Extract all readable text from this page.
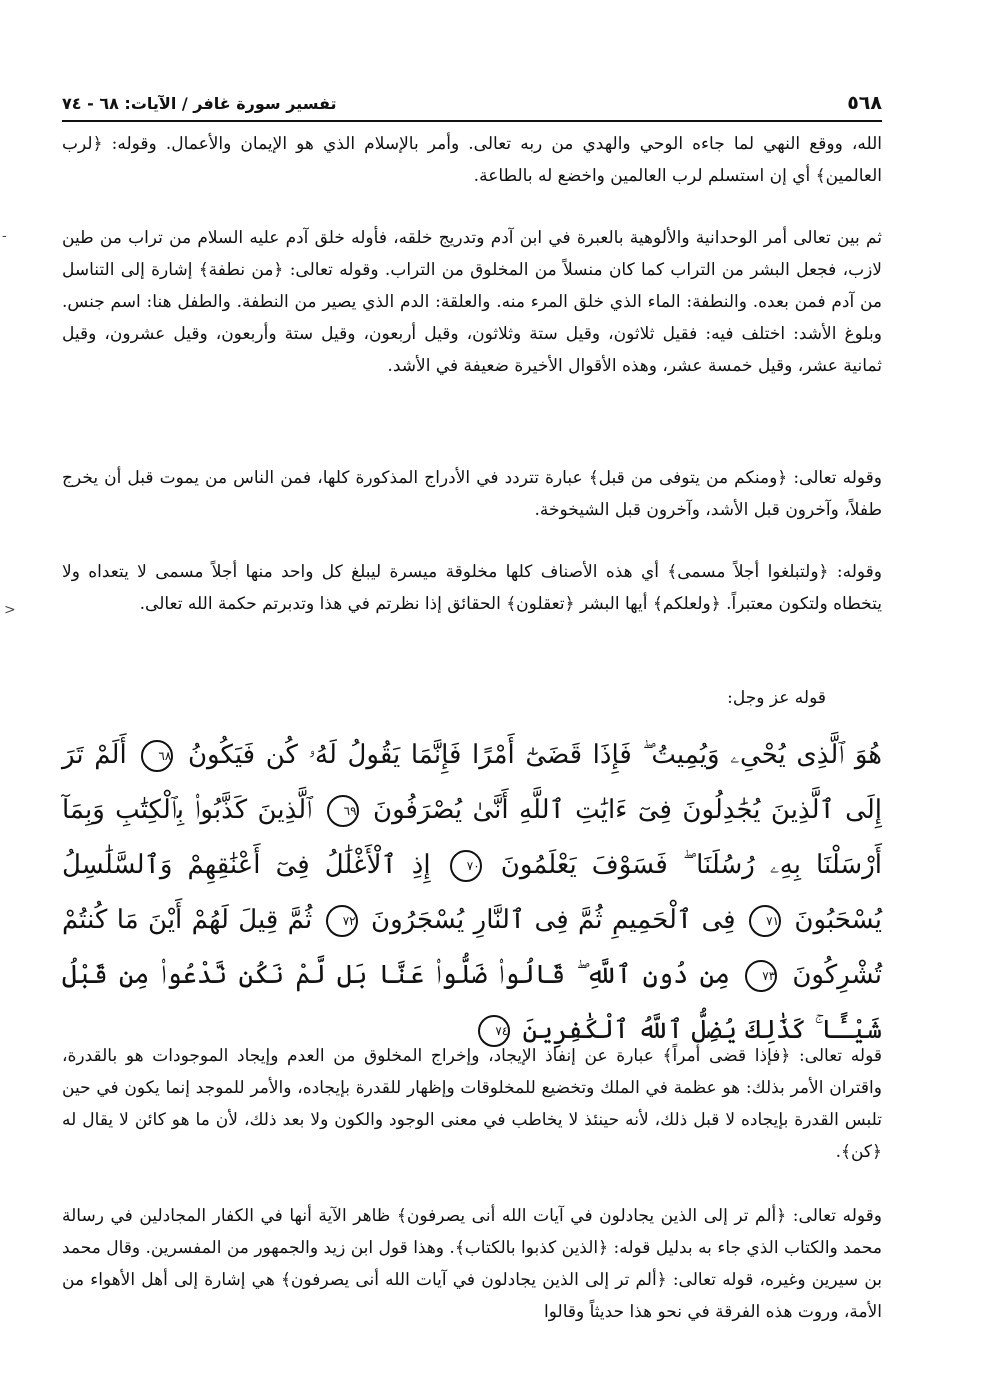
٥٦٨
تفسير سورة غافر / الآيات: ٦٨ - ٧٤

الله، ووقع النهي لما جاءه الوحي والهدي من ربه تعالى. وأمر بالإسلام الذي هو الإيمان والأعمال. وقوله: ﴿لرب العالمين﴾ أي إن استسلم لرب العالمين واخضع له بالطاعة.

ثم بين تعالى أمر الوحدانية والألوهية بالعبرة في ابن آدم وتدريج خلقه، فأوله خلق آدم عليه السلام من تراب من طين لازب، فجعل البشر من التراب كما كان منسلاً من المخلوق من التراب. وقوله تعالى: ﴿من نطفة﴾ إشارة إلى التناسل من آدم فمن بعده. والنطفة: الماء الذي خلق المرء منه. والعلقة: الدم الذي يصير من النطفة. والطفل هنا: اسم جنس. وبلوغ الأشد: اختلف فيه: فقيل ثلاثون، وقيل ستة وثلاثون، وقيل أربعون، وقيل ستة وأربعون، وقيل عشرون، وقيل ثمانية عشر، وقيل خمسة عشر، وهذه الأقوال الأخيرة ضعيفة في الأشد.

وقوله تعالى: ﴿ومنكم من يتوفى من قبل﴾ عبارة تتردد في الأدراج المذكورة كلها، فمن الناس من يموت قبل أن يخرج طفلاً، وآخرون قبل الأشد، وآخرون قبل الشيخوخة.

وقوله: ﴿ولتبلغوا أجلاً مسمى﴾ أي هذه الأصناف كلها مخلوقة ميسرة ليبلغ كل واحد منها أجلاً مسمى لا يتعداه ولا يتخطاه ولتكون معتبراً. ﴿ولعلكم﴾ أيها البشر ﴿تعقلون﴾ الحقائق إذا نظرتم في هذا وتدبرتم حكمة الله تعالى.

قوله عز وجل:

هُوَ ٱلَّذِى يُحْىِۦ وَيُمِيتُ ۖ فَإِذَا قَضَىٰٓ أَمْرًا فَإِنَّمَا يَقُولُ لَهُۥ كُن فَيَكُونُ ٦٨ أَلَمْ تَرَ إِلَى ٱلَّذِينَ يُجَٰدِلُونَ فِىٓ ءَايَٰتِ ٱللَّهِ أَنَّىٰ يُصْرَفُونَ ٦٩ ٱلَّذِينَ كَذَّبُوا۟ بِٱلْكِتَٰبِ وَبِمَآ أَرْسَلْنَا بِهِۦ رُسُلَنَا ۖ فَسَوْفَ يَعْلَمُونَ ٧٠ إِذِ ٱلْأَغْلَٰلُ فِىٓ أَعْنَٰقِهِمْ وَٱلسَّلَٰسِلُ يُسْحَبُونَ ٧١ فِى ٱلْحَمِيمِ ثُمَّ فِى ٱلنَّارِ يُسْجَرُونَ ٧٢ ثُمَّ قِيلَ لَهُمْ أَيْنَ مَا كُنتُمْ تُشْرِكُونَ ٧٣ مِن دُونِ ٱللَّهِ ۖ قَالُوا۟ ضَلُّوا۟ عَنَّا بَل لَّمْ نَكُن نَّدْعُوا۟ مِن قَبْلُ شَيْـًٔا ۚ كَذَٰلِكَ يُضِلُّ ٱللَّهُ ٱلْكَٰفِرِينَ ٧٤

قوله تعالى: ﴿فإذا قضى أمراً﴾ عبارة عن إنفاذ الإيجاد، وإخراج المخلوق من العدم وإيجاد الموجودات هو بالقدرة، واقتران الأمر بذلك: هو عظمة في الملك وتخضيع للمخلوقات وإظهار للقدرة بإيجاده، والأمر للموجد إنما يكون في حين تلبس القدرة بإيجاده لا قبل ذلك، لأنه حينئذ لا يخاطب في معنى الوجود والكون ولا بعد ذلك، لأن ما هو كائن لا يقال له ﴿كن﴾.

وقوله تعالى: ﴿ألم تر إلى الذين يجادلون في آيات الله أنى يصرفون﴾ ظاهر الآية أنها في الكفار المجادلين في رسالة محمد والكتاب الذي جاء به بدليل قوله: ﴿الذين كذبوا بالكتاب﴾. وهذا قول ابن زيد والجمهور من المفسرين. وقال محمد بن سيرين وغيره، قوله تعالى: ﴿ألم تر إلى الذين يجادلون في آيات الله أنى يصرفون﴾ هي إشارة إلى أهل الأهواء من الأمة، وروت هذه الفرقة في نحو هذا حديثاً وقالوا

-
<
